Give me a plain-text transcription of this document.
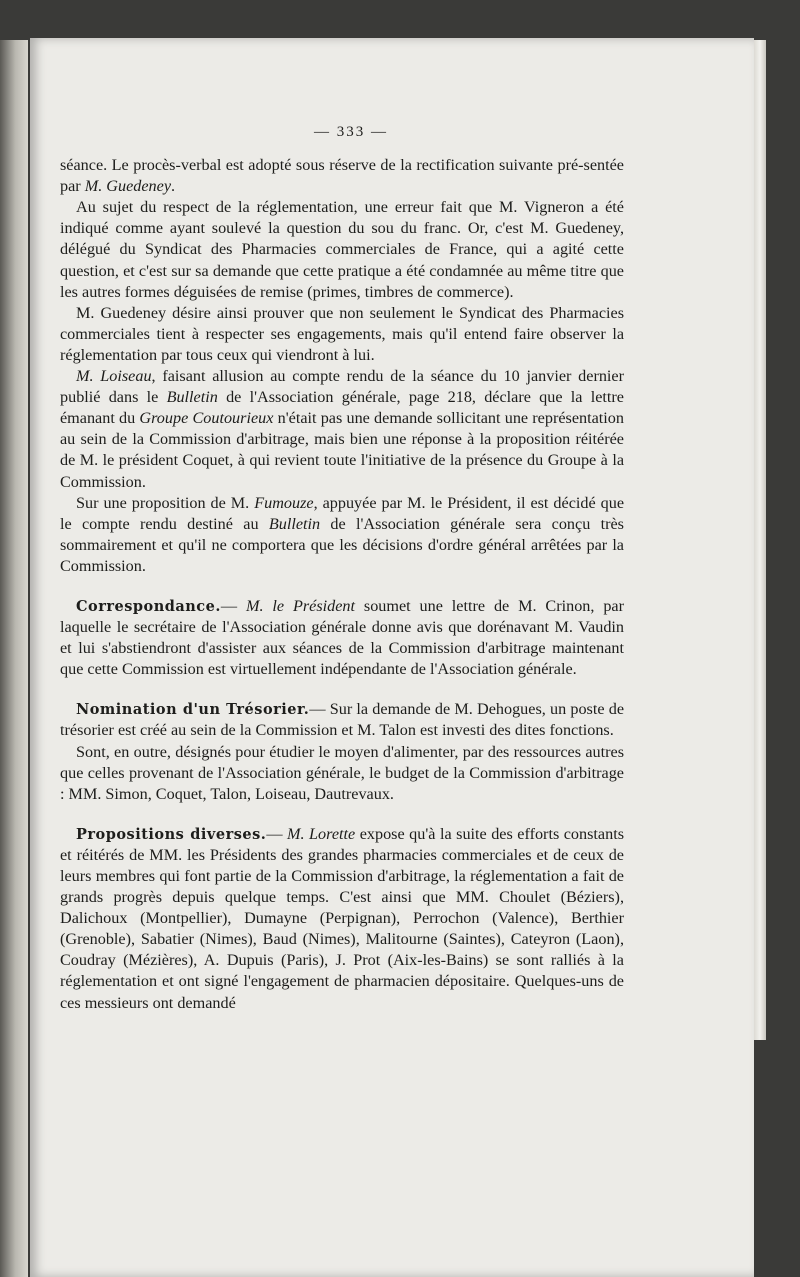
— 333 —

séance. Le procès-verbal est adopté sous réserve de la rectification suivante pré-sentée par M. Guedeney.

Au sujet du respect de la réglementation, une erreur fait que M. Vigneron a été indiqué comme ayant soulevé la question du sou du franc. Or, c'est M. Guedeney, délégué du Syndicat des Pharmacies commerciales de France, qui a agité cette question, et c'est sur sa demande que cette pratique a été condamnée au même titre que les autres formes déguisées de remise (primes, timbres de commerce).

M. Guedeney désire ainsi prouver que non seulement le Syndicat des Pharmacies commerciales tient à respecter ses engagements, mais qu'il entend faire observer la réglementation par tous ceux qui viendront à lui.

M. Loiseau, faisant allusion au compte rendu de la séance du 10 janvier dernier publié dans le Bulletin de l'Association générale, page 218, déclare que la lettre émanant du Groupe Coutourieux n'était pas une demande sollicitant une représentation au sein de la Commission d'arbitrage, mais bien une réponse à la proposition réitérée de M. le président Coquet, à qui revient toute l'initiative de la présence du Groupe à la Commission.

Sur une proposition de M. Fumouze, appuyée par M. le Président, il est décidé que le compte rendu destiné au Bulletin de l'Association générale sera conçu très sommairement et qu'il ne comportera que les décisions d'ordre général arrêtées par la Commission.

Correspondance.— M. le Président soumet une lettre de M. Crinon, par laquelle le secrétaire de l'Association générale donne avis que dorénavant M. Vaudin et lui s'abstiendront d'assister aux séances de la Commission d'arbitrage maintenant que cette Commission est virtuellement indépendante de l'Association générale.

Nomination d'un Trésorier.— Sur la demande de M. Dehogues, un poste de trésorier est créé au sein de la Commission et M. Talon est investi des dites fonctions.

Sont, en outre, désignés pour étudier le moyen d'alimenter, par des ressources autres que celles provenant de l'Association générale, le budget de la Commission d'arbitrage : MM. Simon, Coquet, Talon, Loiseau, Dautrevaux.

Propositions diverses.— M. Lorette expose qu'à la suite des efforts constants et réitérés de MM. les Présidents des grandes pharmacies commerciales et de ceux de leurs membres qui font partie de la Commission d'arbitrage, la réglementation a fait de grands progrès depuis quelque temps. C'est ainsi que MM. Choulet (Béziers), Dalichoux (Montpellier), Dumayne (Perpignan), Perrochon (Valence), Berthier (Grenoble), Sabatier (Nimes), Baud (Nimes), Malitourne (Saintes), Cateyron (Laon), Coudray (Mézières), A. Dupuis (Paris), J. Prot (Aix-les-Bains) se sont ralliés à la réglementation et ont signé l'engagement de pharmacien dépositaire. Quelques-uns de ces messieurs ont demandé
